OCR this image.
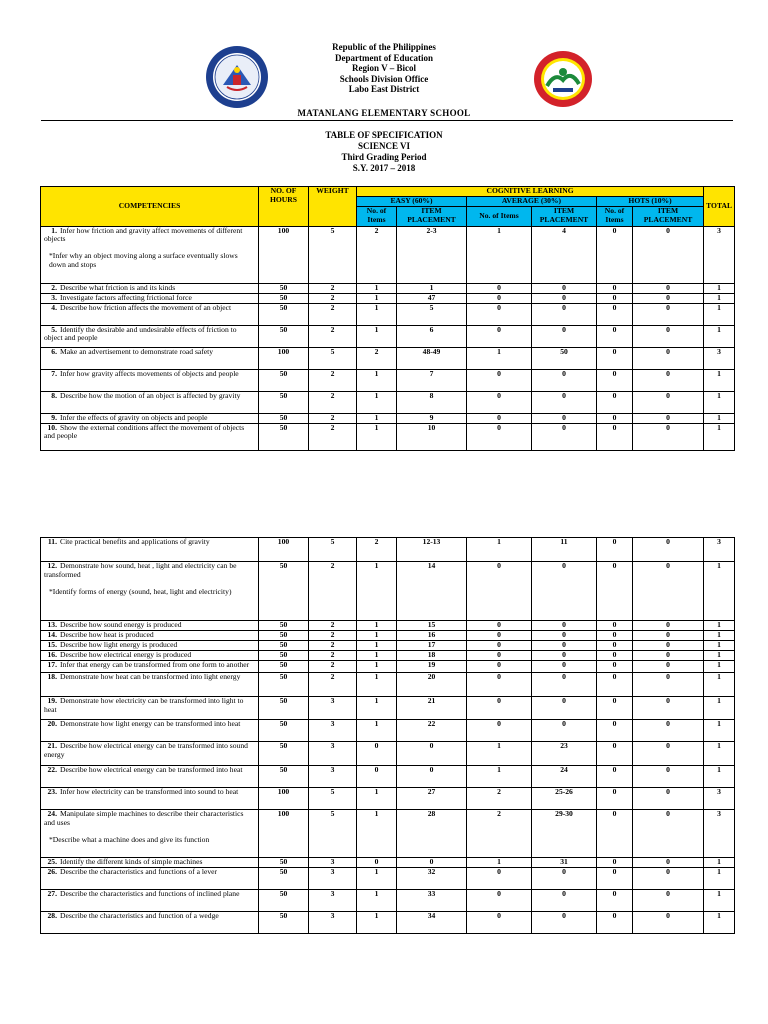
Republic of the Philippines
Department of Education
Region V – Bicol
Schools Division Office
Labo East District
MATANLANG ELEMENTARY SCHOOL
TABLE OF SPECIFICATION
SCIENCE VI
Third Grading Period
S.Y. 2017 – 2018
COMPETENCIES	NO. OF HOURS	WEIGHT	COGNITIVE LEARNING						TOTAL
			EASY (60%)		AVERAGE (30%)		HOTS (10%)		
			No. of Items	ITEM PLACEMENT	No. of Items	ITEM PLACEMENT	No. of Items	ITEM PLACEMENT	
1. Infer how friction and gravity affect movements of different objects
*Infer why an object moving along a surface eventually slows down and stops	100	5	2	2-3	1	4	0	0	3
2. Describe what friction is and its kinds	50	2	1	1	0	0	0	0	1
3. Investigate factors affecting frictional force	50	2	1	47	0	0	0	0	1
4. Describe how friction affects the movement of an object	50	2	1	5	0	0	0	0	1
5. Identify the desirable and undesirable effects of friction to object and people	50	2	1	6	0	0	0	0	1
6. Make an advertisement to demonstrate road safety	100	5	2	48-49	1	50	0	0	3
7. Infer how gravity affects movements of objects and people	50	2	1	7	0	0	0	0	1
8. Describe how the motion of an object is affected by gravity	50	2	1	8	0	0	0	0	1
9. Infer the effects of gravity on objects and people	50	2	1	9	0	0	0	0	1
10. Show the external conditions affect the movement of objects and people	50	2	1	10	0	0	0	0	1
11. Cite practical benefits and applications of gravity	100	5	2	12-13	1	11	0	0	3
12. Demonstrate how sound, heat , light and electricity can be transformed
*Identify forms of energy (sound, heat, light and electricity)	50	2	1	14	0	0	0	0	1
13. Describe how sound energy is produced	50	2	1	15	0	0	0	0	1
14. Describe how heat is produced	50	2	1	16	0	0	0	0	1
15. Describe how light energy is produced	50	2	1	17	0	0	0	0	1
16. Describe how electrical energy is produced	50	2	1	18	0	0	0	0	1
17. Infer that energy can be transformed from one form to another	50	2	1	19	0	0	0	0	1
18. Demonstrate how heat can be transformed into light energy	50	2	1	20	0	0	0	0	1
19. Demonstrate how electricity can be transformed into light to heat	50	3	1	21	0	0	0	0	1
20. Demonstrate how light energy can be transformed into heat	50	3	1	22	0	0	0	0	1
21. Describe how electrical energy can be transformed into sound energy	50	3	0	0	1	23	0	0	1
22. Describe how electrical energy can be transformed into heat	50	3	0	0	1	24	0	0	1
23. Infer how electricity can be transformed into sound to heat	100	5	1	27	2	25-26	0	0	3
24. Manipulate simple machines to describe their characteristics and uses
*Describe what a machine does and give its function	100	5	1	28	2	29-30	0	0	3
25. Identify the different kinds of simple machines	50	3	0	0	1	31	0	0	1
26. Describe the characteristics and functions of a lever	50	3	1	32	0	0	0	0	1
27. Describe the characteristics and functions of inclined plane	50	3	1	33	0	0	0	0	1
28. Describe the characteristics and function of a wedge	50	3	1	34	0	0	0	0	1
